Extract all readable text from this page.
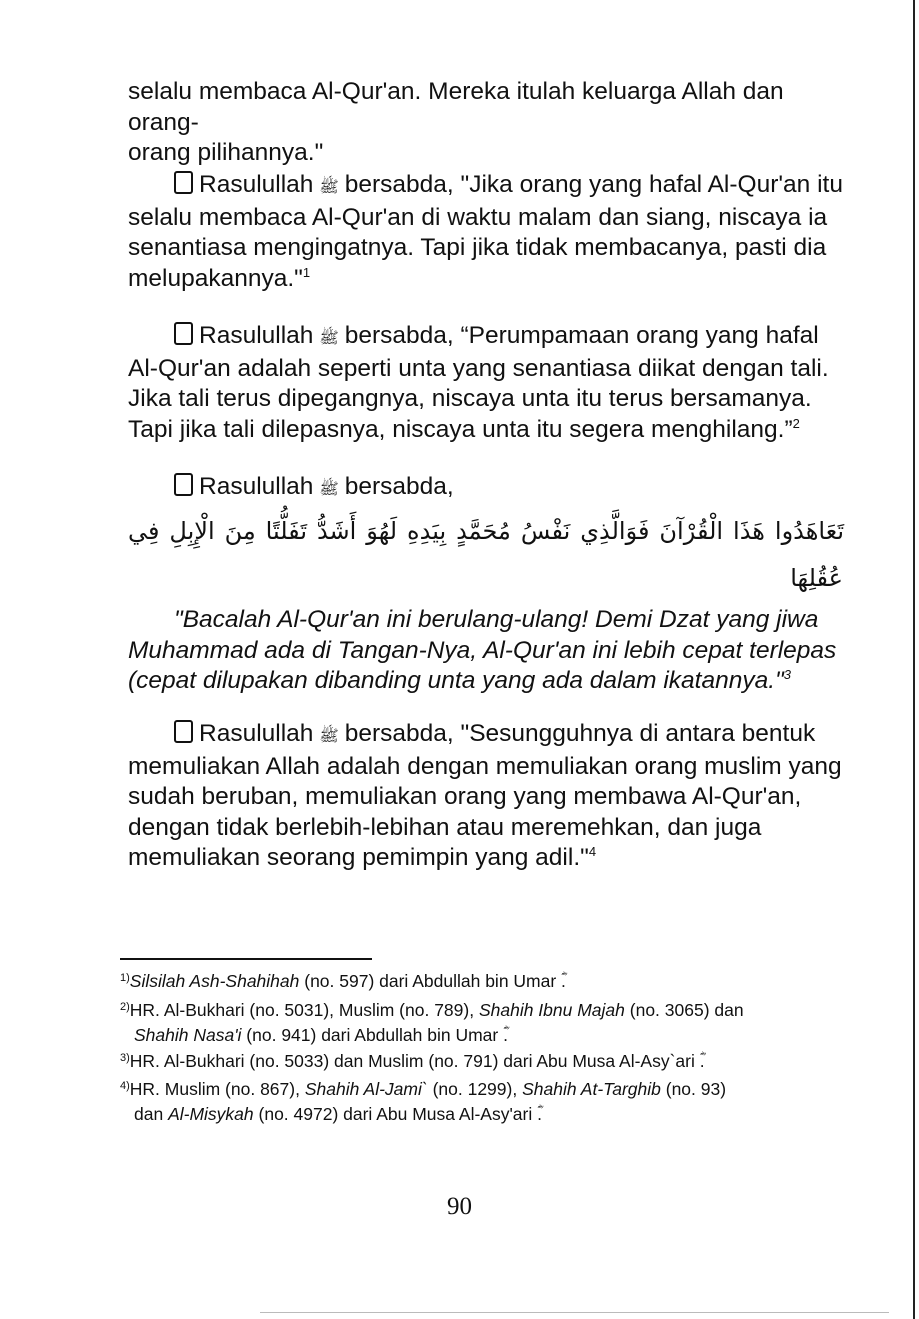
selalu membaca Al-Qur'an. Mereka itulah keluarga Allah dan orang-
orang pilihannya."

Rasulullah ﷺ bersabda, "Jika orang yang hafal Al-Qur'an itu selalu membaca Al-Qur'an di waktu malam dan siang, niscaya ia senantiasa mengingatnya. Tapi jika tidak membacanya, pasti dia melupakannya."$^1$

Rasulullah ﷺ bersabda, “Perumpamaan orang yang hafal Al-Qur'an adalah seperti unta yang senantiasa diikat dengan tali. Jika tali terus dipegangnya, niscaya unta itu terus bersamanya. Tapi jika tali dilepasnya, niscaya unta itu segera menghilang.”$^2$

Rasulullah ﷺ bersabda,

تَعَاهَدُوا هَذَا الْقُرْآنَ فَوَالَّذِي نَفْسُ مُحَمَّدٍ بِيَدِهِ لَهُوَ أَشَدُّ تَفَلُّتًا مِنَ الْإِبِلِ فِي
عُقُلِهَا

"Bacalah Al-Qur'an ini berulang-ulang! Demi Dzat yang jiwa Muhammad ada di Tangan-Nya, Al-Qur'an ini lebih cepat terlepas (cepat dilupakan dibanding unta yang ada dalam ikatannya."$^3$

Rasulullah ﷺ bersabda, "Sesungguhnya di antara bentuk memuliakan Allah adalah dengan memuliakan orang muslim yang sudah beruban, memuliakan orang yang membawa Al-Qur'an, dengan tidak berlebih-lebihan atau meremehkan, dan juga memuliakan seorang pemimpin yang adil."$^4$

$^{1)}$Silsilah Ash-Shahihah (no. 597) dari Abdullah bin Umar ؓ.

$^{2)}$HR. Al-Bukhari (no. 5031), Muslim (no. 789), Shahih Ibnu Majah (no. 3065) dan
Shahih Nasa'i (no. 941) dari Abdullah bin Umar ؓ.

$^{3)}$HR. Al-Bukhari (no. 5033) dan Muslim (no. 791) dari Abu Musa Al-Asy`ari ؓ.

$^{4)}$HR. Muslim (no. 867), Shahih Al-Jami` (no. 1299), Shahih At-Targhib (no. 93)
dan Al-Misykah (no. 4972) dari Abu Musa Al-Asy'ari ؓ.

90
